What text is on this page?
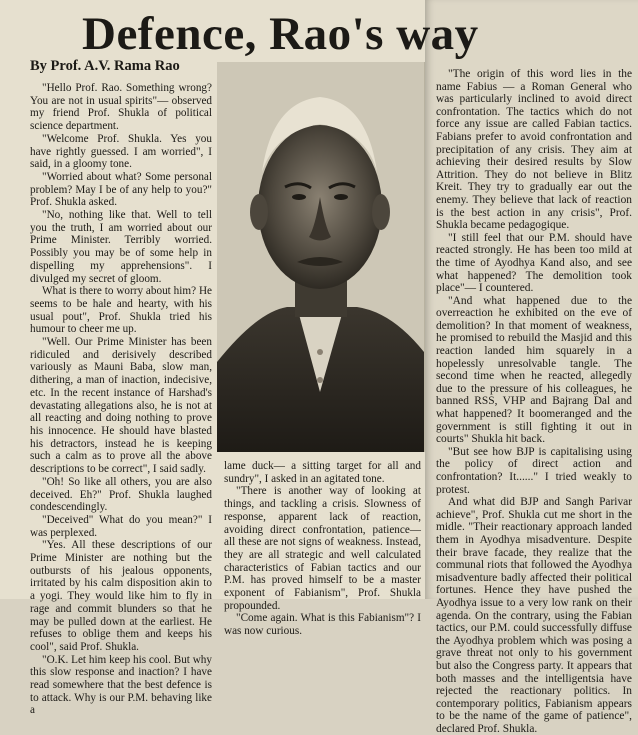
Defence, Rao's way
By Prof. A.V. Rama Rao

"Hello Prof. Rao. Something wrong? You are not in usual spirits"— observed my friend Prof. Shukla of political science department.

"Welcome Prof. Shukla. Yes you have rightly guessed. I am worried", I said, in a gloomy tone.

"Worried about what? Some personal problem? May I be of any help to you?" Prof. Shukla asked.

"No, nothing like that. Well to tell you the truth, I am worried about our Prime Minister. Terribly worried. Possibly you may be of some help in dispelling my apprehensions". I divulged my secret of gloom.

What is there to worry about him? He seems to be hale and hearty, with his usual pout", Prof. Shukla tried his humour to cheer me up.

"Well. Our Prime Minister has been ridiculed and derisively described variously as Mauni Baba, slow man, dithering, a man of inaction, indecisive, etc. In the recent instance of Harshad's devastating allegations also, he is not at all reacting and doing nothing to prove his innocence. He should have blasted his detractors, instead he is keeping such a calm as to prove all the above descriptions to be correct", I said sadly.

"Oh! So like all others, you are also deceived. Eh?" Prof. Shukla laughed condescendingly.

"Deceived" What do you mean?" I was perplexed.

"Yes. All these descriptions of our Prime Minister are nothing but the outbursts of his jealous opponents, irritated by his calm disposition akin to a yogi. They would like him to fly in rage and commit blunders so that he may be pulled down at the earliest. He refuses to oblige them and keeps his cool", said Prof. Shukla.

"O.K. Let him keep his cool. But why this slow response and inaction? I have read somewhere that the best defence is to attack. Why is our P.M. behaving like a

lame duck— a sitting target for all and sundry", I asked in an agitated tone.

"There is another way of looking at things, and tackling a crisis. Slowness of response, apparent lack of reaction, avoiding direct confrontation, patience— all these are not signs of weakness. Instead, they are all strategic and well calculated characteristics of Fabian tactics and our P.M. has proved himself to be a master exponent of Fabianism", Prof. Shukla propounded.

"Come again. What is this Fabianism"? I was now curious.

"The origin of this word lies in the name Fabius — a Roman General who was particularly inclined to avoid direct confrontation. The tactics which do not force any issue are called Fabian tactics. Fabians prefer to avoid confrontation and precipitation of any crisis. They aim at achieving their desired results by Slow Attrition. They do not believe in Blitz Kreit. They try to gradually ear out the enemy. They believe that lack of reaction is the best action in any crisis", Prof. Shukla became pedagogique.

"I still feel that our P.M. should have reacted strongly. He has been too mild at the time of Ayodhya Kand also, and see what happened? The demolition took place"— I countered.

"And what happened due to the overreaction he exhibited on the eve of demolition? In that moment of weakness, he promised to rebuild the Masjid and this reaction landed him squarely in a hopelessly unresolvable tangle. The second time when he reacted, allegedly due to the pressure of his colleagues, he banned RSS, VHP and Bajrang Dal and what happened? It boomeranged and the government is still fighting it out in courts" Shukla hit back.

"But see how BJP is capitalising using the policy of direct action and confrontation? It......" I tried weakly to protest.

And what did BJP and Sangh Parivar achieve", Prof. Shukla cut me short in the midle. "Their reactionary approach landed them in Ayodhya misadventure. Despite their brave facade, they realize that the communal riots that followed the Ayodhya misadventure badly affected their political fortunes. Hence they have pushed the Ayodhya issue to a very low rank on their agenda. On the contrary, using the Fabian tactics, our P.M. could successfully diffuse the Ayodhya problem which was posing a grave threat not only to his government but also the Congress party. It appears that both masses and the intelligentsia have rejected the reactionary politics. In contemporary politics, Fabianism appears to be the name of the game of patience", declared Prof. Shukla.
